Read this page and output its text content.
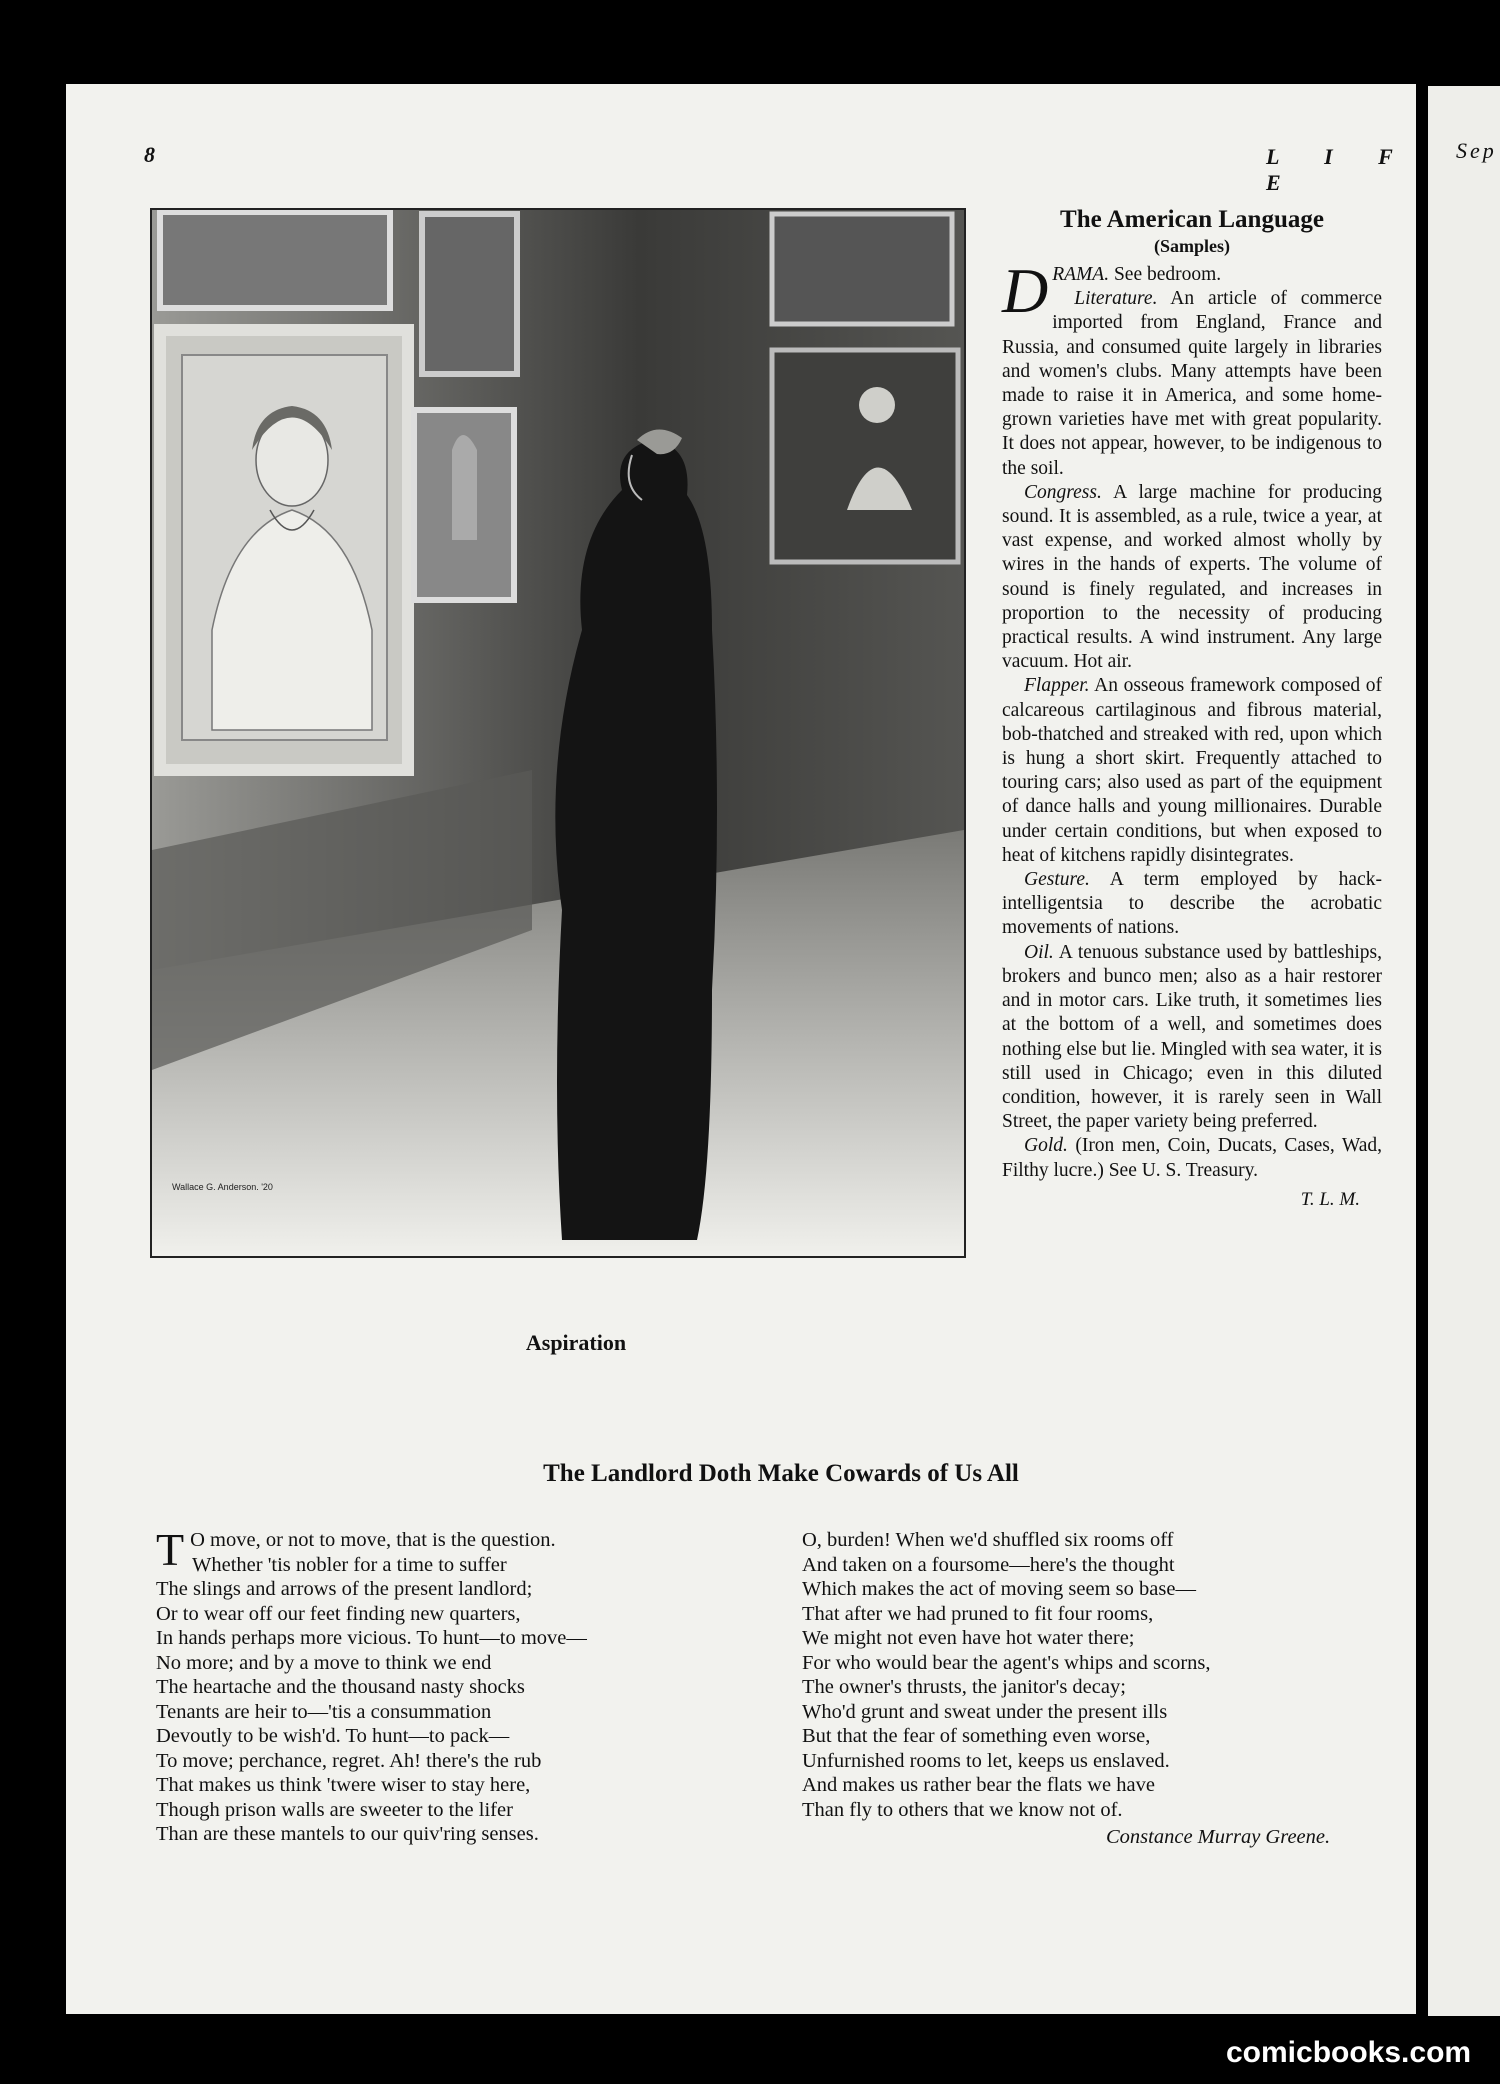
8	L I F E
Wallace G. Anderson. '20
Aspiration
The American Language
(Samples)

DRAMA. See bedroom.

Literature. An article of commerce imported from England, France and Russia, and consumed quite largely in libraries and women's clubs. Many attempts have been made to raise it in America, and some home-grown varieties have met with great popularity. It does not appear, however, to be indigenous to the soil.

Congress. A large machine for producing sound. It is assembled, as a rule, twice a year, at vast expense, and worked almost wholly by wires in the hands of experts. The volume of sound is finely regulated, and increases in proportion to the necessity of producing practical results. A wind instrument. Any large vacuum. Hot air.

Flapper. An osseous framework composed of calcareous cartilaginous and fibrous material, bob-thatched and streaked with red, upon which is hung a short skirt. Frequently attached to touring cars; also used as part of the equipment of dance halls and young millionaires. Durable under certain conditions, but when exposed to heat of kitchens rapidly disintegrates.

Gesture. A term employed by hack-intelligentsia to describe the acrobatic movements of nations.

Oil. A tenuous substance used by battleships, brokers and bunco men; also as a hair restorer and in motor cars. Like truth, it sometimes lies at the bottom of a well, and sometimes does nothing else but lie. Mingled with sea water, it is still used in Chicago; even in this diluted condition, however, it is rarely seen in Wall Street, the paper variety being preferred.

Gold. (Iron men, Coin, Ducats, Cases, Wad, Filthy lucre.) See U. S. Treasury.

T. L. M.
The Landlord Doth Make Cowards of Us All
T O move, or not to move, that is the question.
Whether 'tis nobler for a time to suffer
The slings and arrows of the present landlord;
Or to wear off our feet finding new quarters,
In hands perhaps more vicious. To hunt—to move—
No more; and by a move to think we end
The heartache and the thousand nasty shocks
Tenants are heir to—'tis a consummation
Devoutly to be wish'd. To hunt—to pack—
To move; perchance, regret. Ah! there's the rub
That makes us think 'twere wiser to stay here,
Though prison walls are sweeter to the lifer
Than are these mantels to our quiv'ring senses.
O, burden! When we'd shuffled six rooms off
And taken on a foursome—here's the thought
Which makes the act of moving seem so base—
That after we had pruned to fit four rooms,
We might not even have hot water there;
For who would bear the agent's whips and scorns,
The owner's thrusts, the janitor's decay;
Who'd grunt and sweat under the present ills
But that the fear of something even worse,
Unfurnished rooms to let, keeps us enslaved.
And makes us rather bear the flats we have
Than fly to others that we know not of.
Constance Murray Greene.
Sep
comicbooks.com
